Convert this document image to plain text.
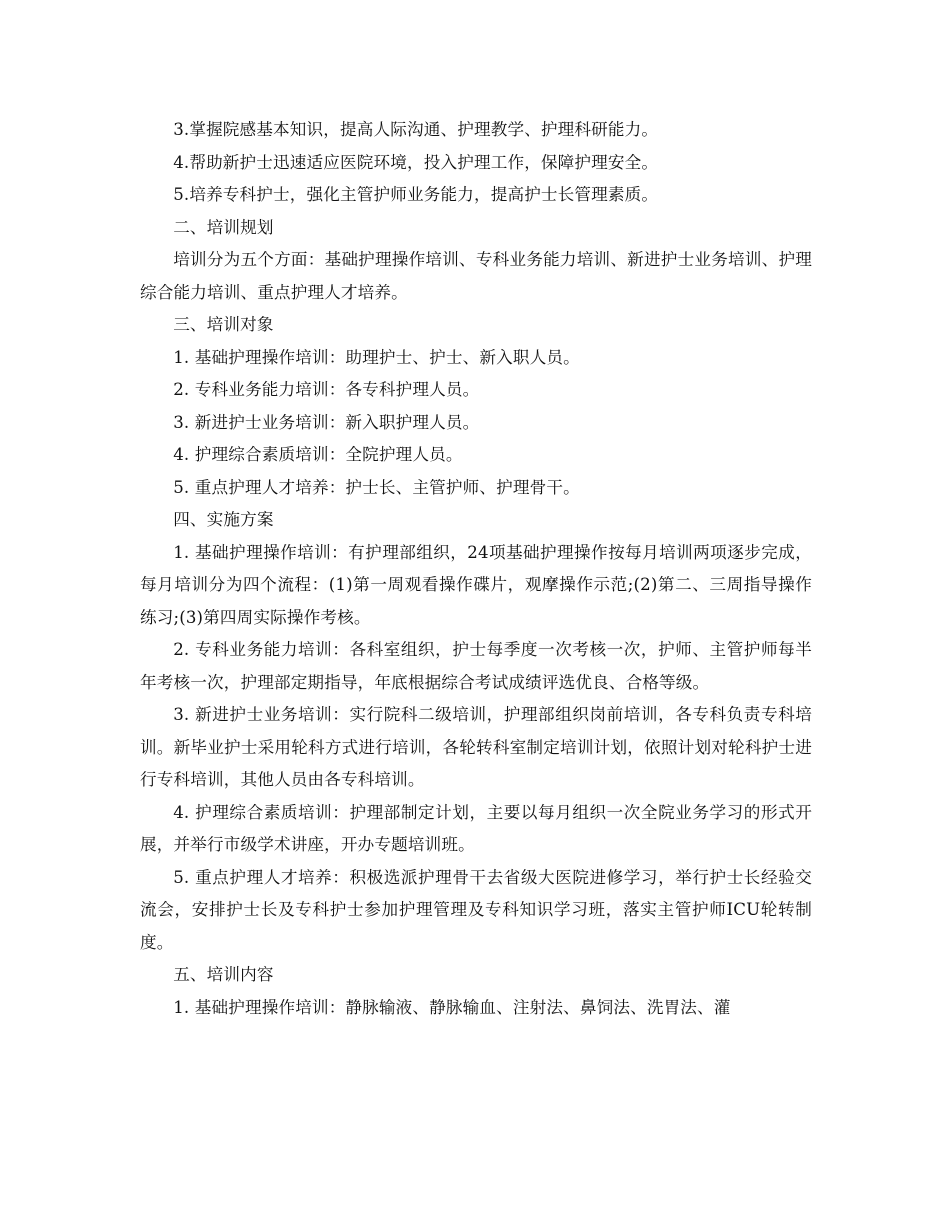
3.掌握院感基本知识，提高人际沟通、护理教学、护理科研能力。

4.帮助新护士迅速适应医院环境，投入护理工作，保障护理安全。

5.培养专科护士，强化主管护师业务能力，提高护士长管理素质。

二、培训规划

培训分为五个方面：基础护理操作培训、专科业务能力培训、新进护士业务培训、护理综合能力培训、重点护理人才培养。

三、培训对象

1. 基础护理操作培训：助理护士、护士、新入职人员。

2. 专科业务能力培训：各专科护理人员。

3. 新进护士业务培训：新入职护理人员。

4. 护理综合素质培训：全院护理人员。

5. 重点护理人才培养：护士长、主管护师、护理骨干。

四、实施方案

1. 基础护理操作培训：有护理部组织，24项基础护理操作按每月培训两项逐步完成，每月培训分为四个流程：(1)第一周观看操作碟片，观摩操作示范;(2)第二、三周指导操作练习;(3)第四周实际操作考核。

2. 专科业务能力培训：各科室组织，护士每季度一次考核一次，护师、主管护师每半年考核一次，护理部定期指导，年底根据综合考试成绩评选优良、合格等级。

3. 新进护士业务培训：实行院科二级培训，护理部组织岗前培训，各专科负责专科培训。新毕业护士采用轮科方式进行培训，各轮转科室制定培训计划，依照计划对轮科护士进行专科培训，其他人员由各专科培训。

4. 护理综合素质培训：护理部制定计划，主要以每月组织一次全院业务学习的形式开展，并举行市级学术讲座，开办专题培训班。

5. 重点护理人才培养：积极选派护理骨干去省级大医院进修学习，举行护士长经验交流会，安排护士长及专科护士参加护理管理及专科知识学习班，落实主管护师ICU轮转制度。

五、培训内容

1. 基础护理操作培训：静脉输液、静脉输血、注射法、鼻饲法、洗胃法、灌
